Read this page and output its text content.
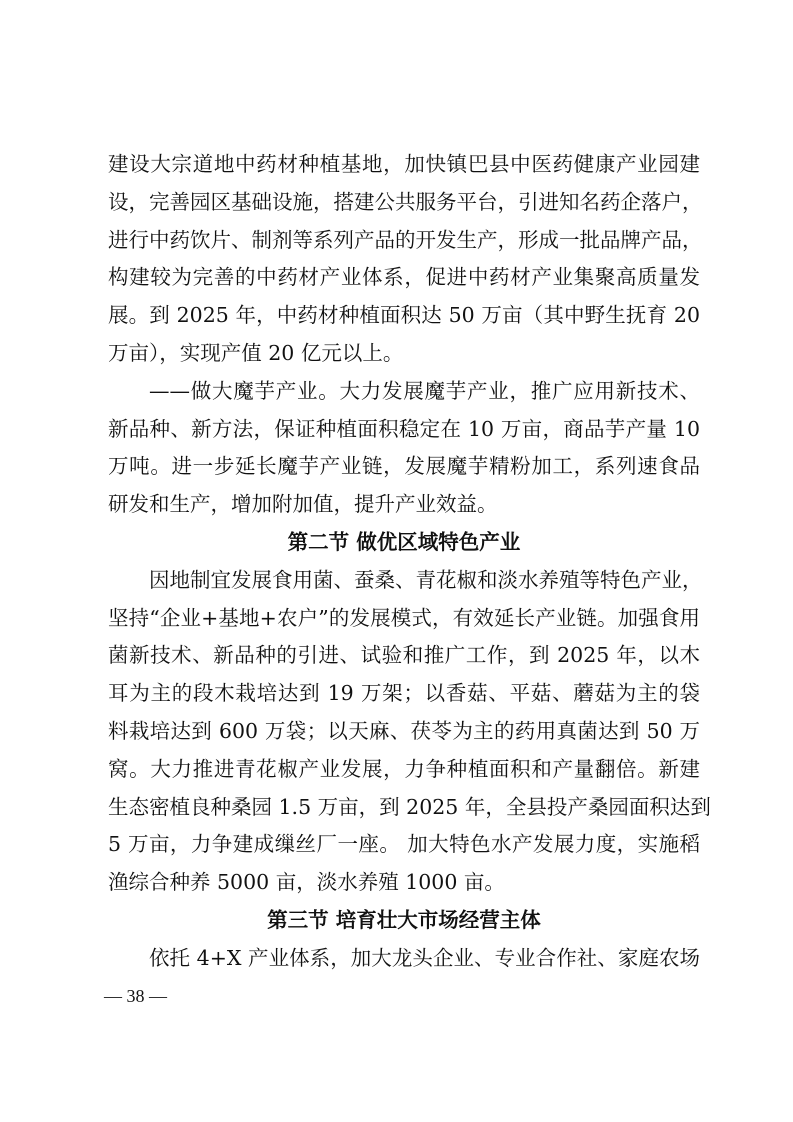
建设大宗道地中药材种植基地，加快镇巴县中医药健康产业园建
设，完善园区基础设施，搭建公共服务平台，引进知名药企落户，
进行中药饮片、制剂等系列产品的开发生产，形成一批品牌产品，
构建较为完善的中药材产业体系，促进中药材产业集聚高质量发
展。到 2025 年，中药材种植面积达 50 万亩（其中野生抚育 20
万亩），实现产值 20 亿元以上。
——做大魔芋产业。大力发展魔芋产业，推广应用新技术、
新品种、新方法，保证种植面积稳定在 10 万亩，商品芋产量 10
万吨。进一步延长魔芋产业链，发展魔芋精粉加工，系列速食品
研发和生产，增加附加值，提升产业效益。
第二节 做优区域特色产业
因地制宜发展食用菌、蚕桑、青花椒和淡水养殖等特色产业，
坚持“企业+基地+农户”的发展模式，有效延长产业链。加强食用
菌新技术、新品种的引进、试验和推广工作，到 2025 年，以木
耳为主的段木栽培达到 19 万架；以香菇、平菇、蘑菇为主的袋
料栽培达到 600 万袋；以天麻、茯苓为主的药用真菌达到 50 万
窝。大力推进青花椒产业发展，力争种植面积和产量翻倍。新建
生态密植良种桑园 1.5 万亩，到 2025 年，全县投产桑园面积达到
5 万亩，力争建成缫丝厂一座。 加大特色水产发展力度，实施稻
渔综合种养 5000 亩，淡水养殖 1000 亩。
第三节 培育壮大市场经营主体
依托 4+X 产业体系，加大龙头企业、专业合作社、家庭农场
— 38 —
